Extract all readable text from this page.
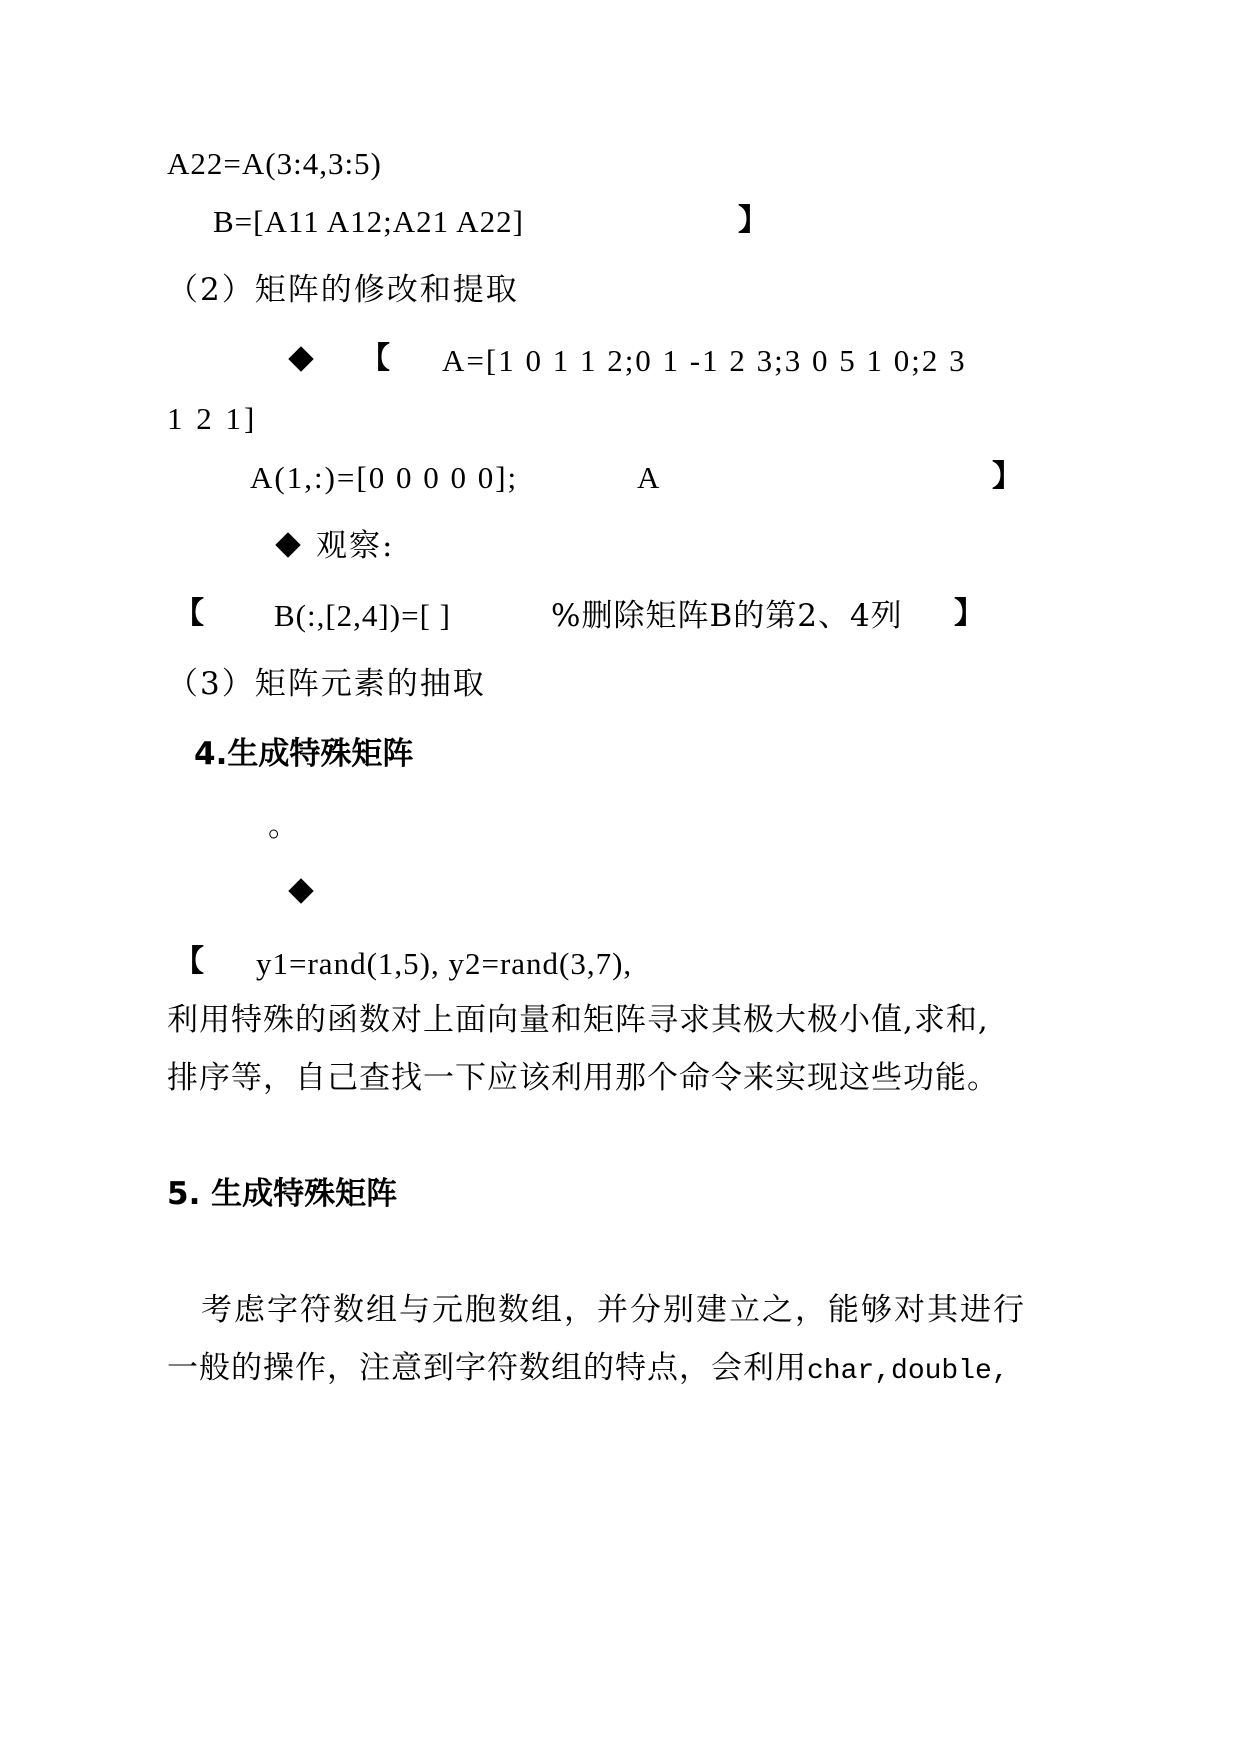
A22=A(3:4,3:5)
B=[A11 A12;A21 A22]	】
（2）矩阵的修改和提取
【 A=[1 0 1 1 2;0 1 -1 2 3;3 0 5 1 0;2 3
1 2 1]
A(1,:)=[0 0 0 0 0];	A	】
观察:
【 B(:,[2,4])=[ ]	%删除矩阵B的第2、4列 】
（3）矩阵元素的抽取
4.生成特殊矩阵
。
【 y1=rand(1,5), y2=rand(3,7),
利用特殊的函数对上面向量和矩阵寻求其极大极小值,求和,
排序等，自己查找一下应该利用那个命令来实现这些功能。
5. 生成特殊矩阵
考虑字符数组与元胞数组，并分别建立之，能够对其进行
一般的操作，注意到字符数组的特点，会利用char,double,
